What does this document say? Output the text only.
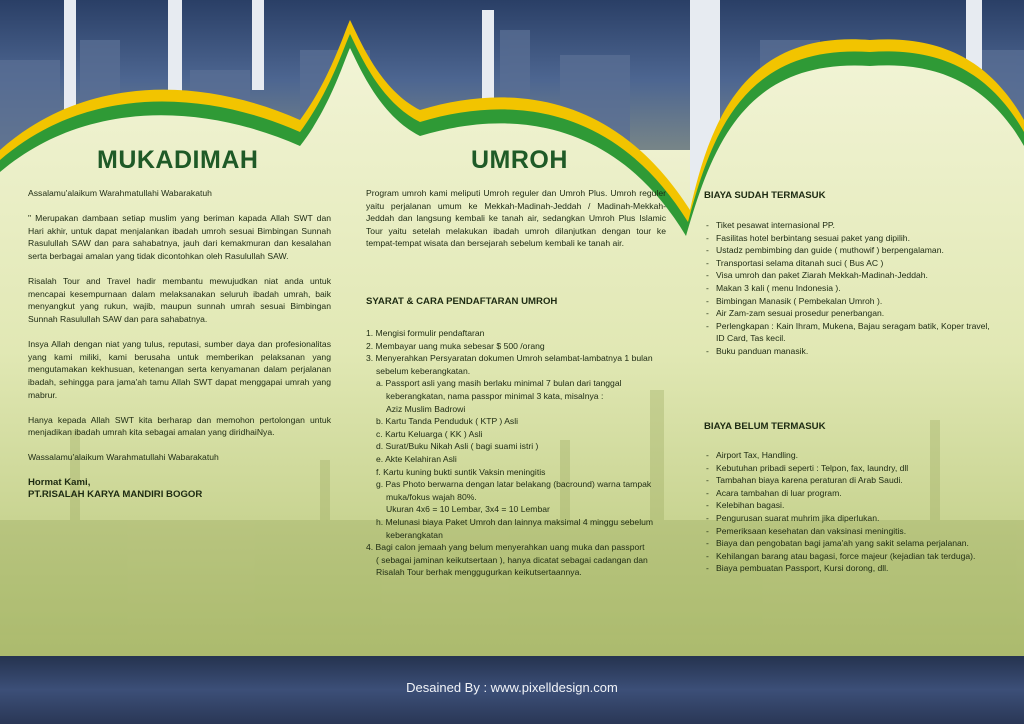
MUKADIMAH

Assalamu'alaikum Warahmatullahi Wabarakatuh

" Merupakan dambaan setiap muslim yang beriman kapada Allah SWT dan Hari akhir, untuk dapat menjalankan ibadah umroh sesuai Bimbingan Sunnah Rasulullah SAW dan para sahabatnya, jauh dari kemakmuran dan kesalahan serta berbagai amalan yang tidak dicontohkan oleh Rasulullah SAW.

Risalah Tour and Travel hadir membantu mewujudkan niat anda untuk mencapai kesempurnaan dalam melaksanakan seluruh ibadah umrah, baik menyangkut yang rukun, wajib, maupun sunnah umrah sesuai Bimbingan Sunnah Rasulullah SAW dan para sahabatnya.

Insya Allah dengan niat yang tulus, reputasi, sumber daya dan profesionalitas yang kami miliki, kami berusaha untuk memberikan pelaksanan yang mengutamakan kekhusuan, ketenangan serta kenyamanan dalam perjalanan ibadah, sehingga para jama'ah tamu Allah SWT dapat menggapai umrah yang mabrur.

Hanya kepada Allah SWT kita berharap dan memohon pertolongan untuk menjadikan ibadah umrah kita sebagai amalan yang diridhaiNya.

Wassalamu'alaikum Warahmatullahi Wabarakatuh

Hormat Kami,

PT.RISALAH KARYA MANDIRI BOGOR

UMROH
Program umroh kami meliputi Umroh reguler dan Umroh Plus. Umroh reguler yaitu perjalanan umum ke Mekkah-Madinah-Jeddah / Madinah-Mekkah-Jeddah dan langsung kembali ke tanah air, sedangkan Umroh Plus Islamic Tour yaitu setelah melakukan ibadah umroh dilanjutkan dengan tour ke tempat-tempat wisata dan bersejarah sebelum kembali ke tanah air.

SYARAT & CARA PENDAFTARAN UMROH

1. Mengisi formulir pendaftaran

2. Membayar uang muka sebesar $ 500 /orang

3. Menyerahkan Persyaratan dokumen Umroh selambat-lambatnya 1 bulan

sebelum keberangkatan.

a. Passport asli yang masih berlaku minimal 7 bulan dari tanggal

keberangkatan, nama passpor minimal 3 kata, misalnya :

Aziz Muslim Badrowi

b. Kartu Tanda Penduduk ( KTP ) Asli

c. Kartu Keluarga ( KK ) Asli

d. Surat/Buku Nikah Asli ( bagi suami istri )

e. Akte Kelahiran Asli

f. Kartu kuning bukti suntik Vaksin meningitis

g. Pas Photo berwarna dengan latar belakang (bacround) warna tampak

muka/fokus wajah 80%.

Ukuran 4x6 = 10 Lembar, 3x4 = 10 Lembar

h. Melunasi biaya Paket Umroh dan lainnya maksimal 4 minggu sebelum

keberangkatan

4. Bagi calon jemaah yang belum menyerahkan uang muka dan passport

( sebagai jaminan keikutsertaan ), hanya dicatat sebagai cadangan dan

Risalah Tour berhak menggugurkan keikutsertaannya.

BIAYA SUDAH TERMASUK

- Tiket pesawat internasional PP.
- Fasilitas hotel berbintang sesuai paket yang dipilih.
- Ustadz pembimbing dan guide ( muthowif ) berpengalaman.
- Transportasi selama ditanah suci ( Bus AC )
- Visa umroh dan paket Ziarah Mekkah-Madinah-Jeddah.
- Makan 3 kali ( menu Indonesia ).
- Bimbingan Manasik ( Pembekalan Umroh ).
- Air Zam-zam sesuai prosedur penerbangan.
- Perlengkapan : Kain Ihram, Mukena, Bajau seragam batik, Koper travel,
ID Card, Tas kecil.
- Buku panduan manasik.

BIAYA BELUM TERMASUK

- Airport Tax, Handling.
- Kebutuhan pribadi seperti : Telpon, fax, laundry, dll
- Tambahan biaya karena peraturan di Arab Saudi.
- Acara tambahan di luar program.
- Kelebihan bagasi.
- Pengurusan suarat muhrim jika diperlukan.
- Pemeriksaan kesehatan dan vaksinasi meningitis.
- Biaya dan pengobatan bagi jama'ah yang sakit selama perjalanan.
- Kehilangan barang atau bagasi, force majeur (kejadian tak terduga).
- Biaya pembuatan Passport, Kursi dorong, dll.
Desained By : www.pixelldesign.com
